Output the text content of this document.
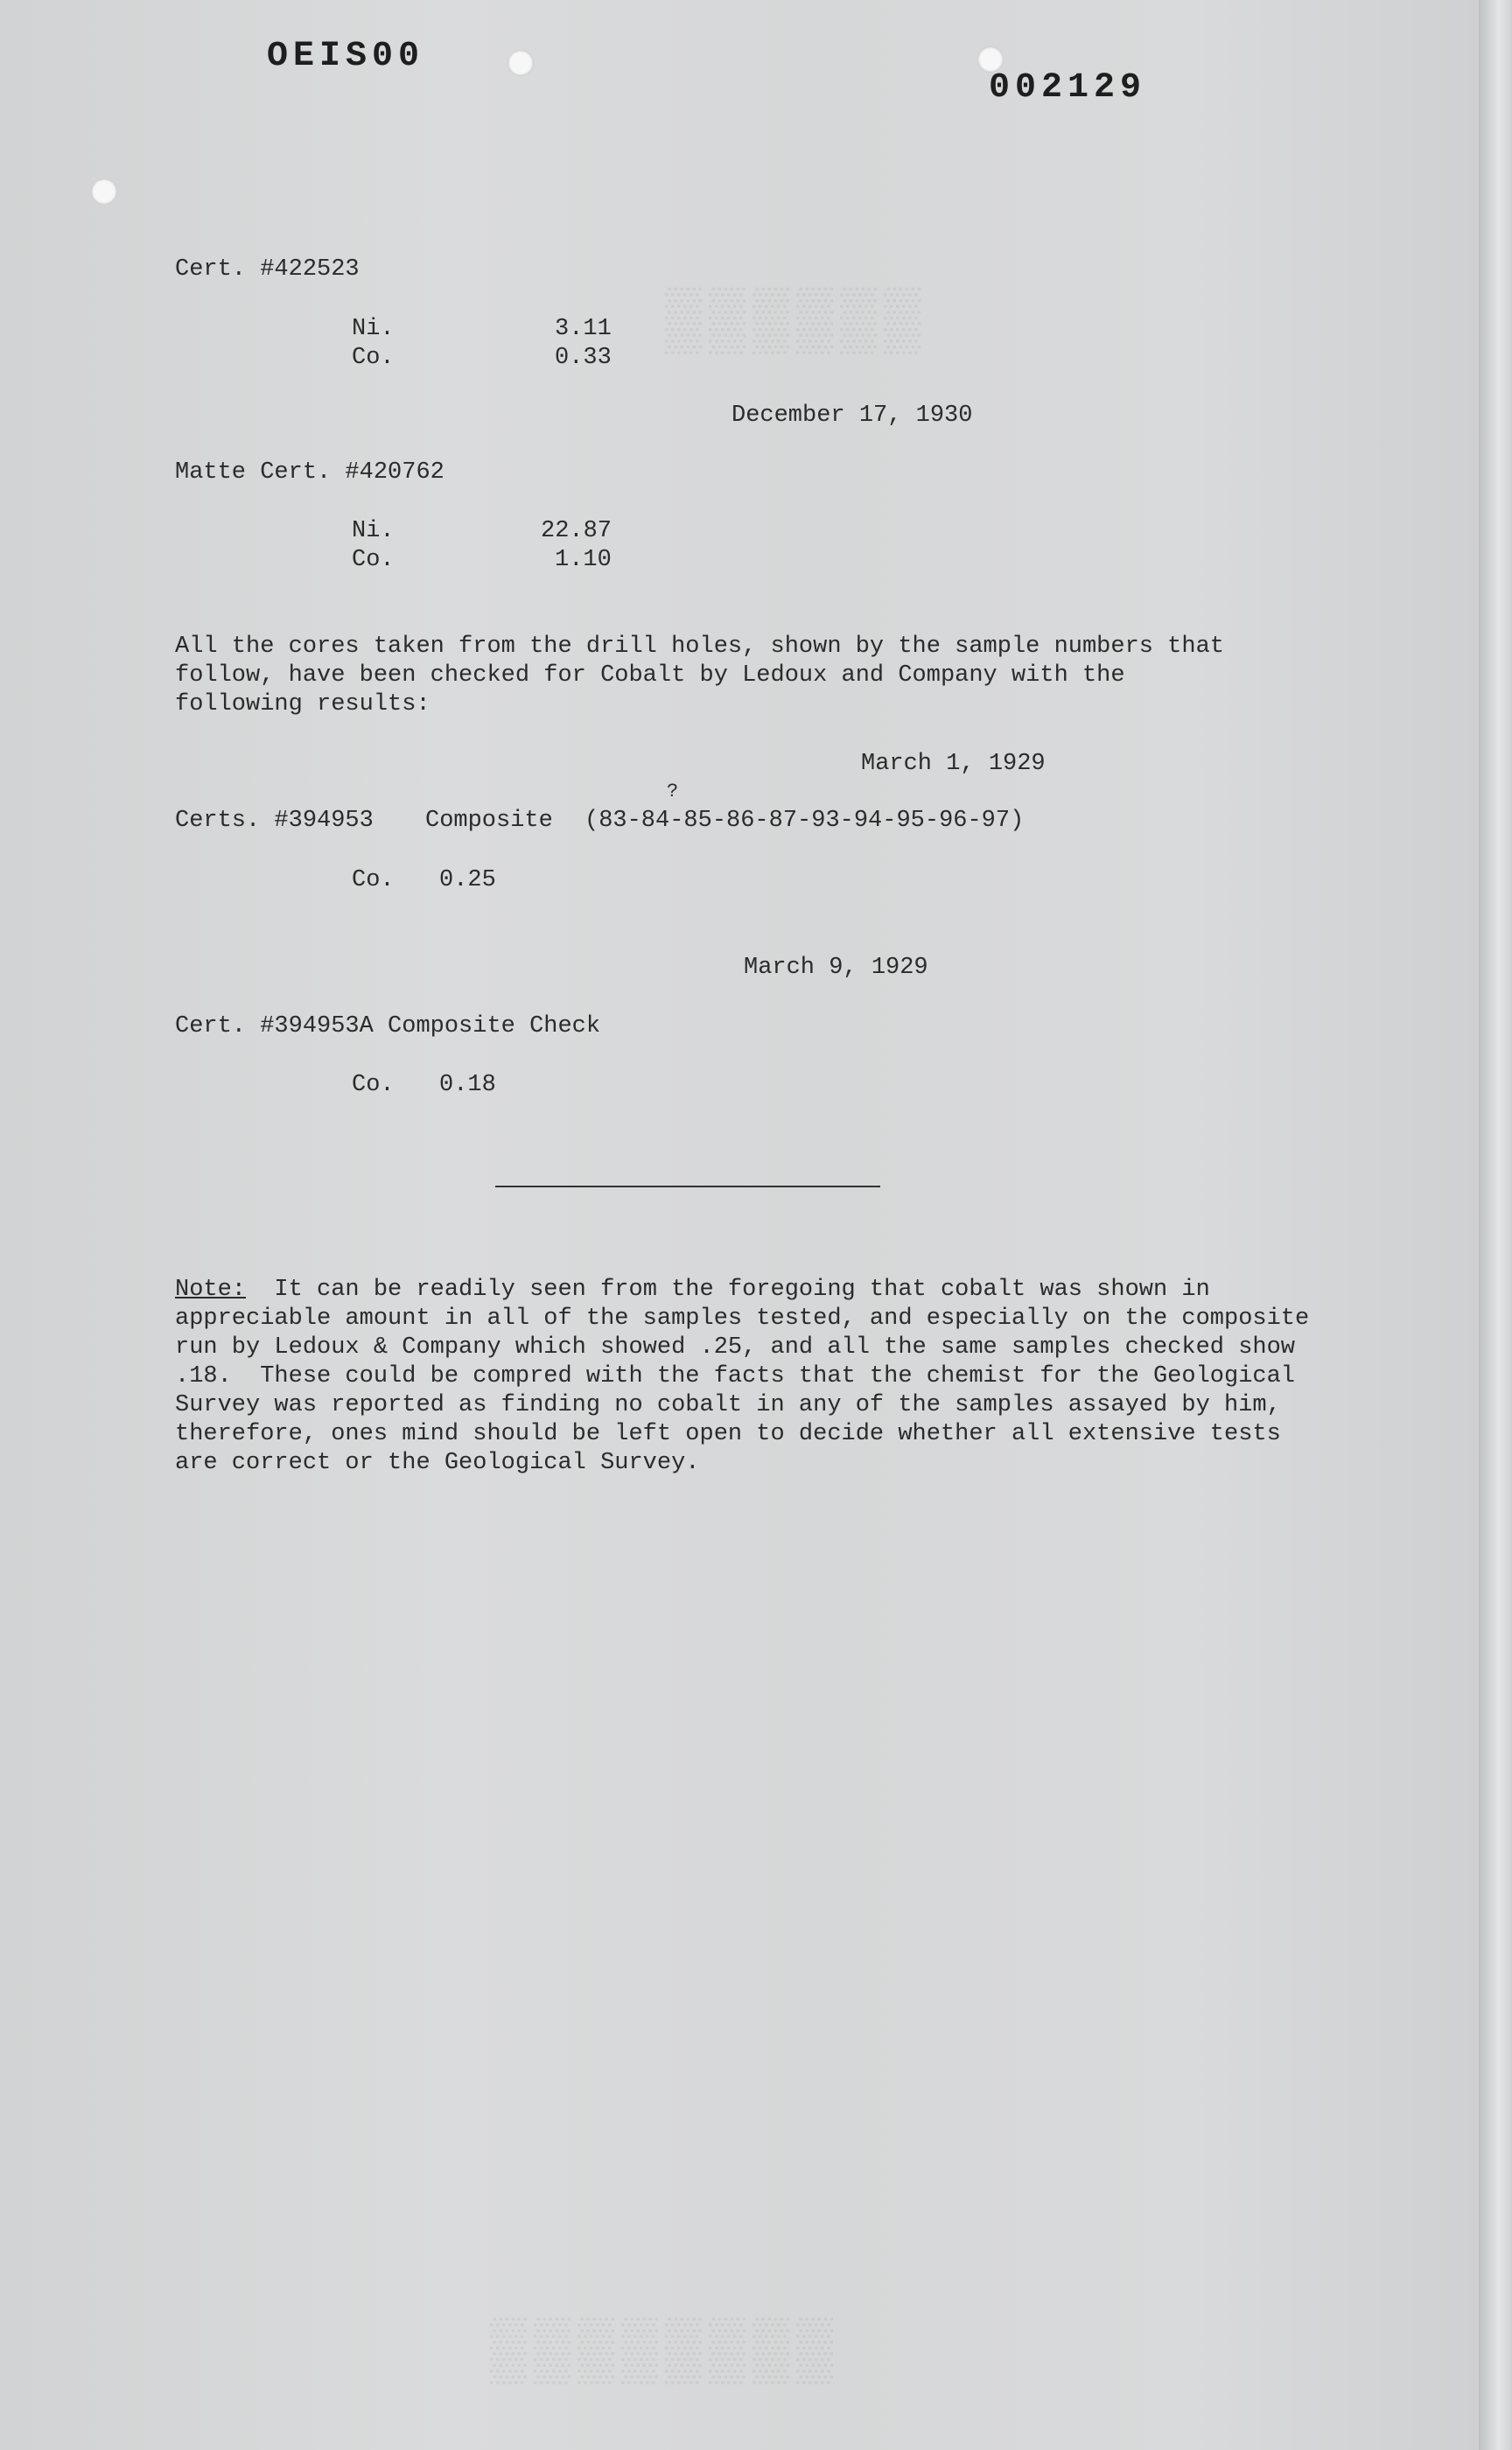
▒▒▒▒▒▒
▒▒▒▒▒▒▒▒
OEIS00
002129
Cert. #422523
Ni.	3.11
Co.	0.33
December 17, 1930
Matte Cert. #420762
Ni.	22.87
Co.	1.10
All the cores taken from the drill holes, shown by the sample numbers that
follow, have been checked for Cobalt by Ledoux and Company with the
following results:
March 1, 1929
?
Certs. #394953 Composite (83-84-85-86-87-93-94-95-96-97)
Co. 0.25
March 9, 1929
Cert. #394953A Composite Check
Co. 0.18
Note: It can be readily seen from the foregoing that cobalt was shown in
appreciable amount in all of the samples tested, and especially on the composite
run by Ledoux & Company which showed .25, and all the same samples checked show
.18.  These could be compred with the facts that the chemist for the Geological
Survey was reported as finding no cobalt in any of the samples assayed by him,
therefore, ones mind should be left open to decide whether all extensive tests
are correct or the Geological Survey.
